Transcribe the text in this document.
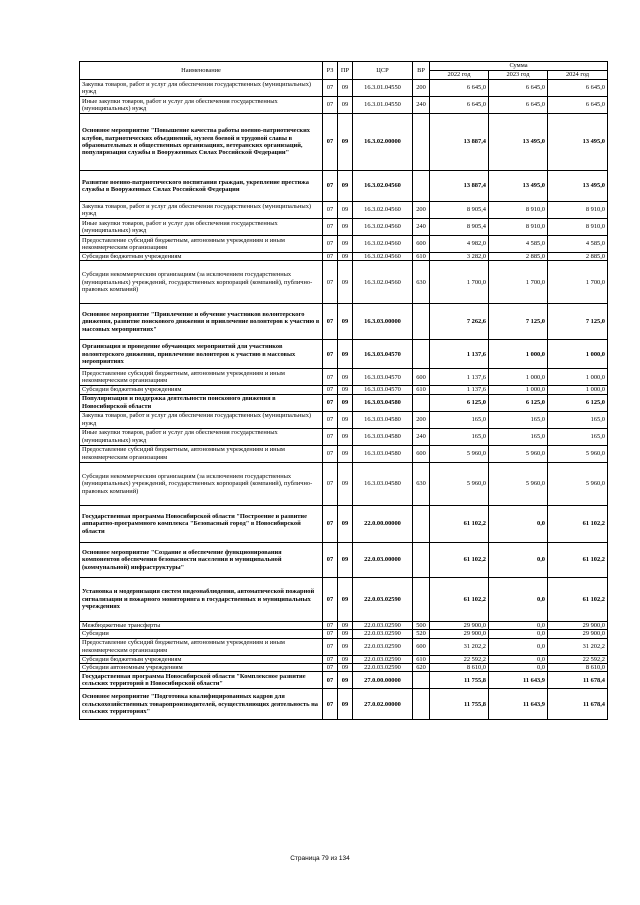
Наименование	РЗ	ПР	ЦСР	ВР	Сумма		
					2022 год	2023 год	2024 год
Закупка товаров, работ и услуг для обеспечения государственных (муниципальных) нужд	07	09	16.3.01.04550	200	6 645,0	6 645,0	6 645,0
Иные закупки товаров, работ и услуг для обеспечения государственных (муниципальных) нужд	07	09	16.3.01.04550	240	6 645,0	6 645,0	6 645,0
Основное мероприятие "Повышение качества работы военно-патриотических клубов, патриотических объединений, музеев боевой и трудовой славы в образовательных и общественных организациях, ветеранских организаций, популяризация службы в Вооруженных Силах Российской Федерации"	07	09	16.3.02.00000		13 887,4	13 495,0	13 495,0
Развитие военно-патриотического воспитания граждан, укрепление престижа службы в Вооруженных Силах Российской Федерации	07	09	16.3.02.04560		13 887,4	13 495,0	13 495,0
Закупка товаров, работ и услуг для обеспечения государственных (муниципальных) нужд	07	09	16.3.02.04560	200	8 905,4	8 910,0	8 910,0
Иные закупки товаров, работ и услуг для обеспечения государственных (муниципальных) нужд	07	09	16.3.02.04560	240	8 905,4	8 910,0	8 910,0
Предоставление субсидий бюджетным, автономным учреждениям и иным некоммерческим организациям	07	09	16.3.02.04560	600	4 982,0	4 585,0	4 585,0
Субсидии бюджетным учреждениям	07	09	16.3.02.04560	610	3 282,0	2 885,0	2 885,0
Субсидии некоммерческим организациям (за исключением государственных (муниципальных) учреждений, государственных корпораций (компаний), публично-правовых компаний)	07	09	16.3.02.04560	630	1 700,0	1 700,0	1 700,0
Основное мероприятие "Привлечение и обучение участников волонтерского движения, развитие поискового движения и привлечение волонтеров к участию в массовых мероприятиях"	07	09	16.3.03.00000		7 262,6	7 125,0	7 125,0
Организация и проведение обучающих мероприятий для участников волонтерского движения, привлечение волонтеров к участию в массовых мероприятиях	07	09	16.3.03.04570		1 137,6	1 000,0	1 000,0
Предоставление субсидий бюджетным, автономным учреждениям и иным некоммерческим организациям	07	09	16.3.03.04570	600	1 137,6	1 000,0	1 000,0
Субсидии бюджетным учреждениям	07	09	16.3.03.04570	610	1 137,6	1 000,0	1 000,0
Популяризация и поддержка деятельности поискового движения в Новосибирской области	07	09	16.3.03.04580		6 125,0	6 125,0	6 125,0
Закупка товаров, работ и услуг для обеспечения государственных (муниципальных) нужд	07	09	16.3.03.04580	200	165,0	165,0	165,0
Иные закупки товаров, работ и услуг для обеспечения государственных (муниципальных) нужд	07	09	16.3.03.04580	240	165,0	165,0	165,0
Предоставление субсидий бюджетным, автономным учреждениям и иным некоммерческим организациям	07	09	16.3.03.04580	600	5 960,0	5 960,0	5 960,0
Субсидии некоммерческим организациям (за исключением государственных (муниципальных) учреждений, государственных корпораций (компаний), публично-правовых компаний)	07	09	16.3.03.04580	630	5 960,0	5 960,0	5 960,0
Государственная программа Новосибирской области "Построение и развитие аппаратно-программного комплекса "Безопасный город" в Новосибирской области	07	09	22.0.00.00000		61 102,2	0,0	61 102,2
Основное мероприятие "Создание и обеспечение функционирования компонентов обеспечения безопасности населения и муниципальной (коммунальной) инфраструктуры"	07	09	22.0.03.00000		61 102,2	0,0	61 102,2
Установка и модернизация систем видеонаблюдения, автоматической пожарной сигнализации и пожарного мониторинга в государственных и муниципальных учреждениях	07	09	22.0.03.02590		61 102,2	0,0	61 102,2
Межбюджетные трансферты	07	09	22.0.03.02590	500	29 900,0	0,0	29 900,0
Субсидии	07	09	22.0.03.02590	520	29 900,0	0,0	29 900,0
Предоставление субсидий бюджетным, автономным учреждениям и иным некоммерческим организациям	07	09	22.0.03.02590	600	31 202,2	0,0	31 202,2
Субсидии бюджетным учреждениям	07	09	22.0.03.02590	610	22 592,2	0,0	22 592,2
Субсидии автономным учреждениям	07	09	22.0.03.02590	620	8 610,0	0,0	8 610,0
Государственная программа Новосибирской области "Комплексное развитие сельских территорий в Новосибирской области"	07	09	27.0.00.00000		11 755,8	11 643,9	11 678,4
Основное мероприятие "Подготовка квалифицированных кадров для сельскохозяйственных товаропроизводителей, осуществляющих деятельность на сельских территориях"	07	09	27.0.02.00000		11 755,8	11 643,9	11 678,4
Страница 79 из 134
